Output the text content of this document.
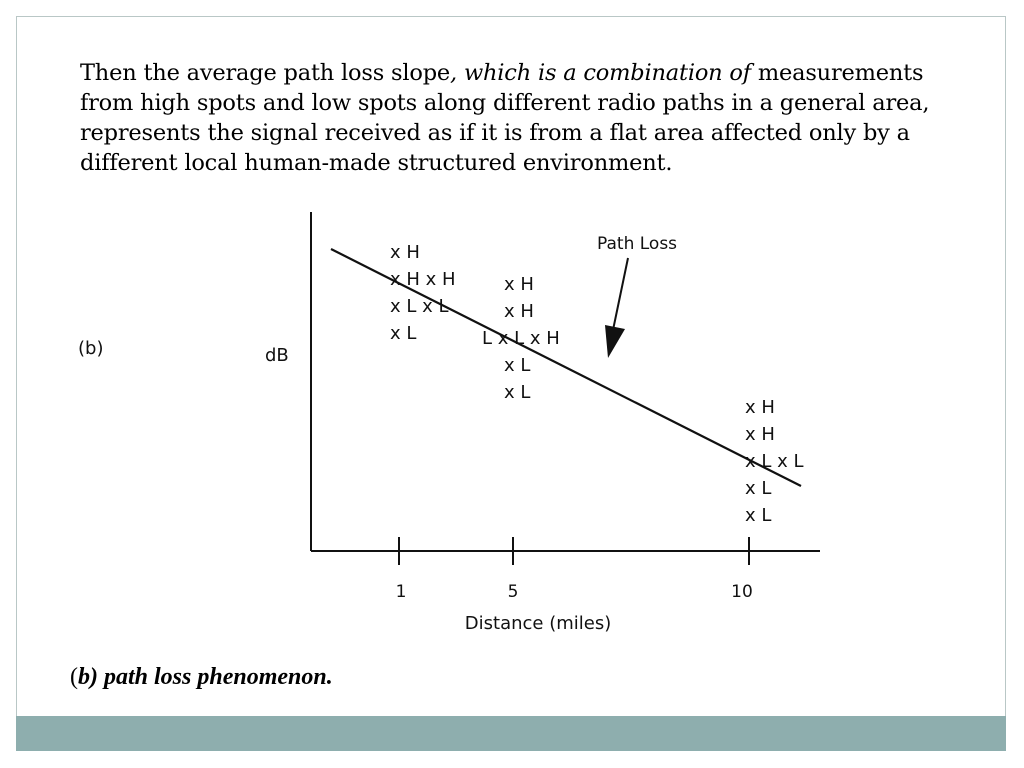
Then the average path loss slope, which is a combination of measurements from high spots and low spots along different radio paths in a general area, represents the signal received as if it is from a flat area affected only by a different local human-made structured environment.

1	5	10
Distance (miles)
dB
(b)
Path Loss
x H
x H x H
x L x L
x L
x H
x H
L x L x H
x L
x L
x H
x H
x L x L
x L
x L
(b) path loss phenomenon.
